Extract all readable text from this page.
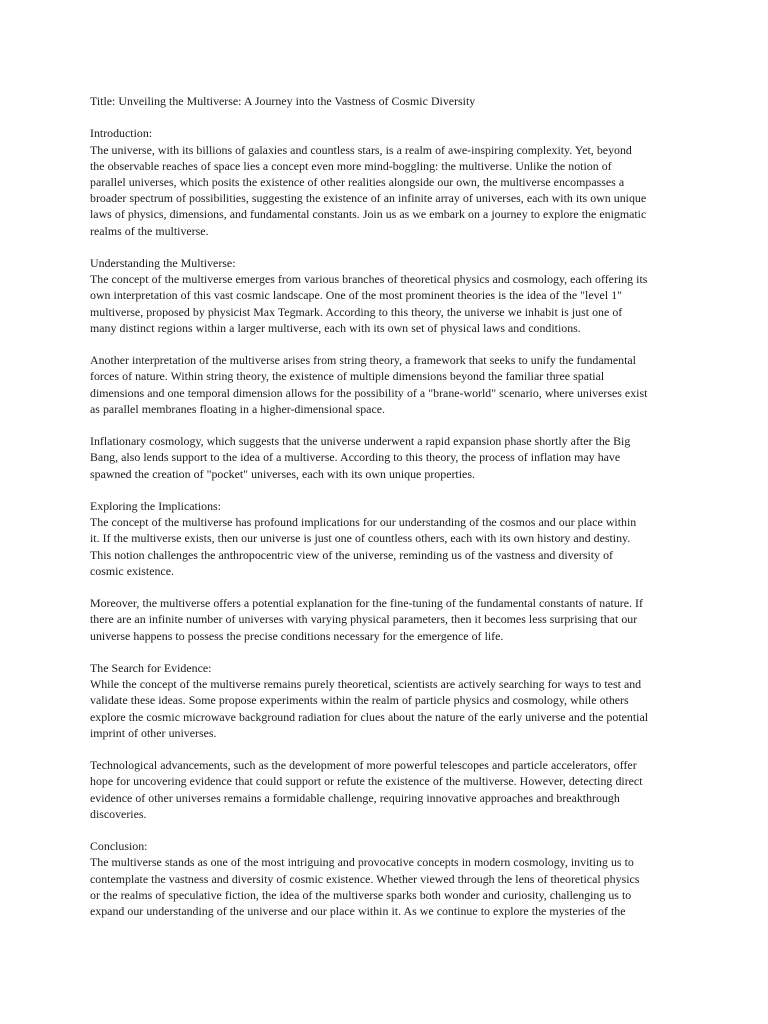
Title: Unveiling the Multiverse: A Journey into the Vastness of Cosmic Diversity

Introduction:

The universe, with its billions of galaxies and countless stars, is a realm of awe-inspiring complexity. Yet, beyond

the observable reaches of space lies a concept even more mind-boggling: the multiverse. Unlike the notion of

parallel universes, which posits the existence of other realities alongside our own, the multiverse encompasses a

broader spectrum of possibilities, suggesting the existence of an infinite array of universes, each with its own unique

laws of physics, dimensions, and fundamental constants. Join us as we embark on a journey to explore the enigmatic

realms of the multiverse.

Understanding the Multiverse:

The concept of the multiverse emerges from various branches of theoretical physics and cosmology, each offering its

own interpretation of this vast cosmic landscape. One of the most prominent theories is the idea of the "level 1"

multiverse, proposed by physicist Max Tegmark. According to this theory, the universe we inhabit is just one of

many distinct regions within a larger multiverse, each with its own set of physical laws and conditions.

Another interpretation of the multiverse arises from string theory, a framework that seeks to unify the fundamental

forces of nature. Within string theory, the existence of multiple dimensions beyond the familiar three spatial

dimensions and one temporal dimension allows for the possibility of a "brane-world" scenario, where universes exist

as parallel membranes floating in a higher-dimensional space.

Inflationary cosmology, which suggests that the universe underwent a rapid expansion phase shortly after the Big

Bang, also lends support to the idea of a multiverse. According to this theory, the process of inflation may have

spawned the creation of "pocket" universes, each with its own unique properties.

Exploring the Implications:

The concept of the multiverse has profound implications for our understanding of the cosmos and our place within

it. If the multiverse exists, then our universe is just one of countless others, each with its own history and destiny.

This notion challenges the anthropocentric view of the universe, reminding us of the vastness and diversity of

cosmic existence.

Moreover, the multiverse offers a potential explanation for the fine-tuning of the fundamental constants of nature. If

there are an infinite number of universes with varying physical parameters, then it becomes less surprising that our

universe happens to possess the precise conditions necessary for the emergence of life.

The Search for Evidence:

While the concept of the multiverse remains purely theoretical, scientists are actively searching for ways to test and

validate these ideas. Some propose experiments within the realm of particle physics and cosmology, while others

explore the cosmic microwave background radiation for clues about the nature of the early universe and the potential

imprint of other universes.

Technological advancements, such as the development of more powerful telescopes and particle accelerators, offer

hope for uncovering evidence that could support or refute the existence of the multiverse. However, detecting direct

evidence of other universes remains a formidable challenge, requiring innovative approaches and breakthrough

discoveries.

Conclusion:

The multiverse stands as one of the most intriguing and provocative concepts in modern cosmology, inviting us to

contemplate the vastness and diversity of cosmic existence. Whether viewed through the lens of theoretical physics

or the realms of speculative fiction, the idea of the multiverse sparks both wonder and curiosity, challenging us to

expand our understanding of the universe and our place within it. As we continue to explore the mysteries of the
